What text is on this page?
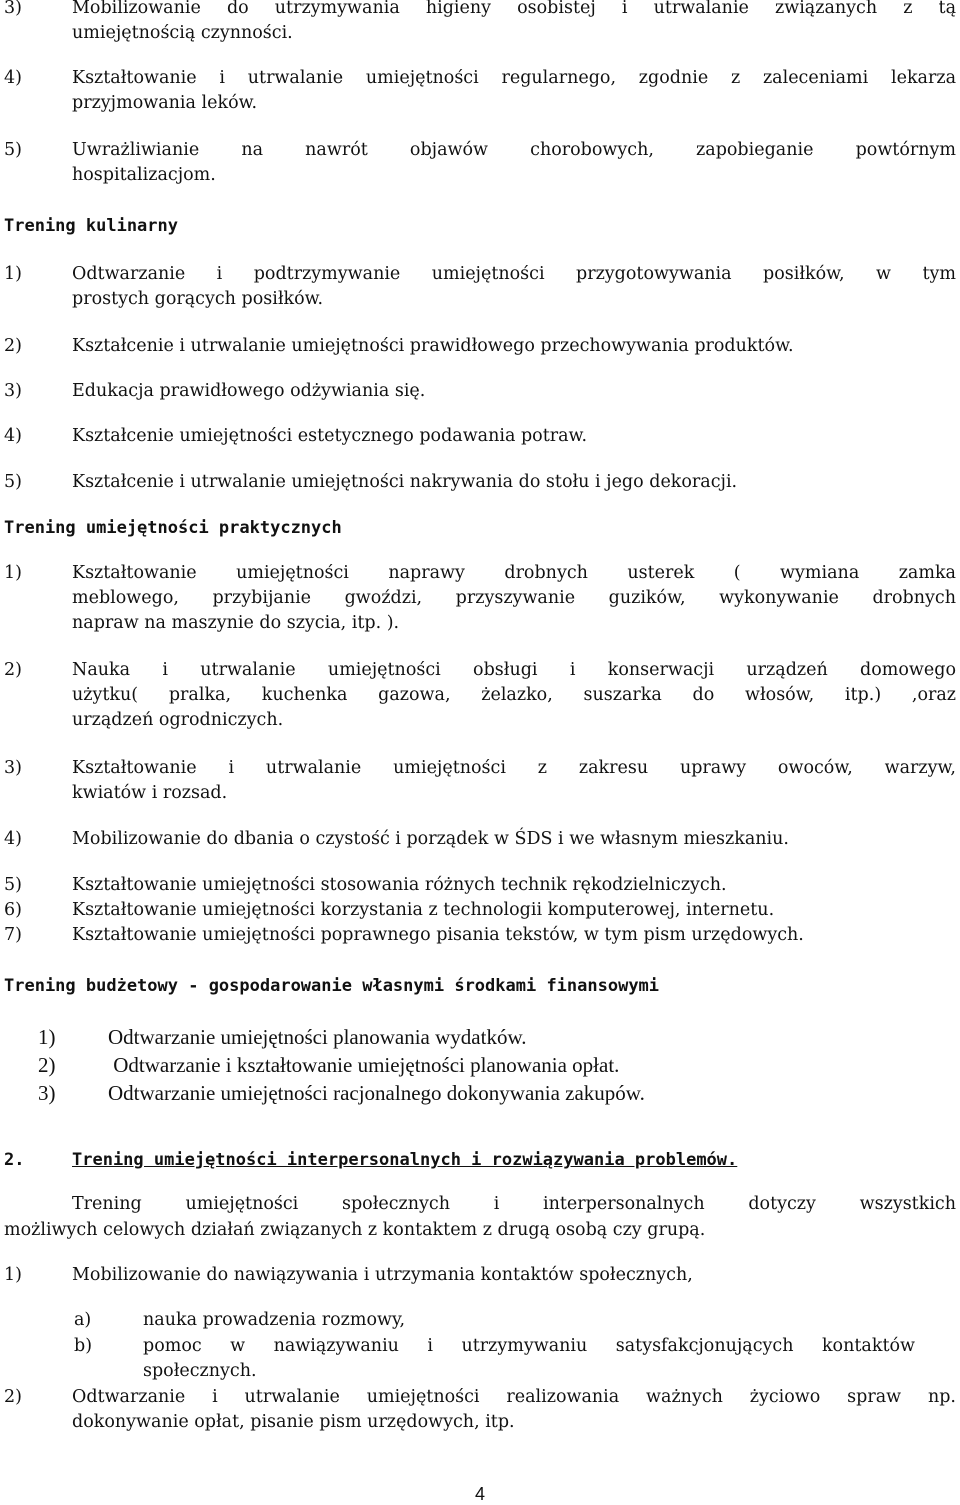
3)	Mobilizowanie do utrzymywania higieny osobistej i utrwalanie związanych z tą
umiejętnością czynności.
4)	Kształtowanie i utrwalanie umiejętności regularnego, zgodnie z zaleceniami lekarza
przyjmowania leków.
5)	Uwrażliwianie na nawrót objawów chorobowych, zapobieganie powtórnym
hospitalizacjom.
Trening kulinarny
1)	Odtwarzanie i podtrzymywanie umiejętności przygotowywania posiłków, w tym
prostych gorących posiłków.
2)	Kształcenie i utrwalanie umiejętności prawidłowego przechowywania produktów.
3)	Edukacja prawidłowego odżywiania się.
4)	Kształcenie umiejętności estetycznego podawania potraw.
5)	Kształcenie i utrwalanie umiejętności nakrywania do stołu i jego dekoracji.
Trening umiejętności praktycznych
1)	Kształtowanie umiejętności naprawy drobnych usterek ( wymiana zamka
meblowego, przybijanie gwoździ, przyszywanie guzików, wykonywanie drobnych
napraw na maszynie do szycia, itp. ).
2)	Nauka i utrwalanie umiejętności obsługi i konserwacji urządzeń domowego
użytku( pralka, kuchenka gazowa, żelazko, suszarka do włosów, itp.) ,oraz
urządzeń ogrodniczych.
3)	Kształtowanie i utrwalanie umiejętności z zakresu uprawy owoców, warzyw,
kwiatów i rozsad.
4)	Mobilizowanie do dbania o czystość i porządek w ŚDS i we własnym mieszkaniu.
5)	Kształtowanie umiejętności stosowania różnych technik rękodzielniczych.
6)	Kształtowanie umiejętności korzystania z technologii komputerowej, internetu.
7)	Kształtowanie umiejętności poprawnego pisania tekstów, w tym pism urzędowych.
Trening budżetowy - gospodarowanie własnymi środkami finansowymi
1)	Odtwarzanie umiejętności planowania wydatków.
2)	Odtwarzanie i kształtowanie umiejętności planowania opłat.
3)	Odtwarzanie umiejętności racjonalnego dokonywania zakupów.
2.	Trening umiejętności interpersonalnych i rozwiązywania problemów.
Trening umiejętności społecznych i interpersonalnych dotyczy wszystkich
możliwych celowych działań związanych z kontaktem z drugą osobą czy grupą.
1)	Mobilizowanie do nawiązywania i utrzymania kontaktów społecznych,
a)	nauka prowadzenia rozmowy,
b)	pomoc w nawiązywaniu i utrzymywaniu satysfakcjonujących kontaktów
społecznych.
2)	Odtwarzanie i utrwalanie umiejętności realizowania ważnych życiowo spraw np.
dokonywanie opłat, pisanie pism urzędowych, itp.
4
